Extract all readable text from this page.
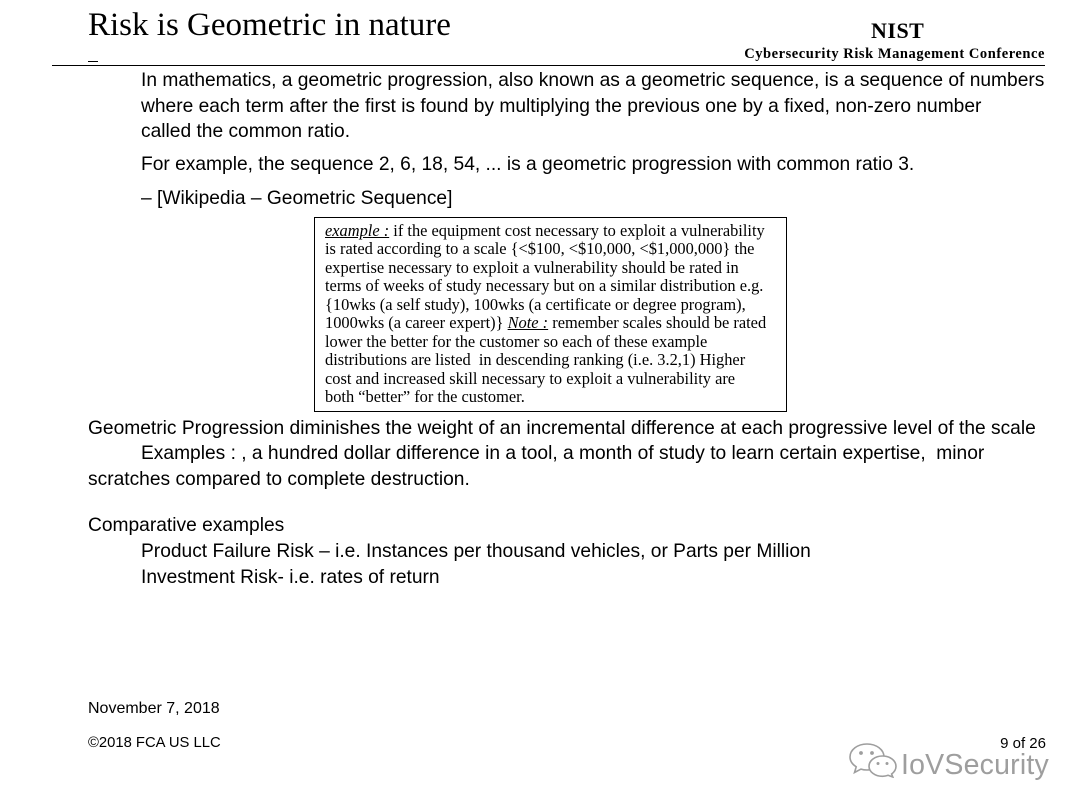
Risk is Geometric in nature	NIST
Cybersecurity Risk Management Conference
In mathematics, a geometric progression, also known as a geometric sequence, is a sequence of numbers
where each term after the first is found by multiplying the previous one by a fixed, non-zero number
called the common ratio.
For example, the sequence 2, 6, 18, 54, ... is a geometric progression with common ratio 3.
– [Wikipedia – Geometric Sequence]
example : if the equipment cost necessary to exploit a vulnerability
is rated according to a scale {<$100, <$10,000, <$1,000,000} the
expertise necessary to exploit a vulnerability should be rated in
terms of weeks of study necessary but on a similar distribution e.g.
{10wks (a self study), 100wks (a certificate or degree program),
1000wks (a career expert)} Note : remember scales should be rated
lower the better for the customer so each of these example
distributions are listed  in descending ranking (i.e. 3.2,1) Higher
cost and increased skill necessary to exploit a vulnerability are
both “better” for the customer.
Geometric Progression diminishes the weight of an incremental difference at each progressive level of the scale
Examples : , a hundred dollar difference in a tool, a month of study to learn certain expertise,  minor
scratches compared to complete destruction.
Comparative examples
Product Failure Risk – i.e. Instances per thousand vehicles, or Parts per Million
Investment Risk- i.e. rates of return
November 7, 2018
©2018 FCA US LLC	9 of 26
IoVSecurity
